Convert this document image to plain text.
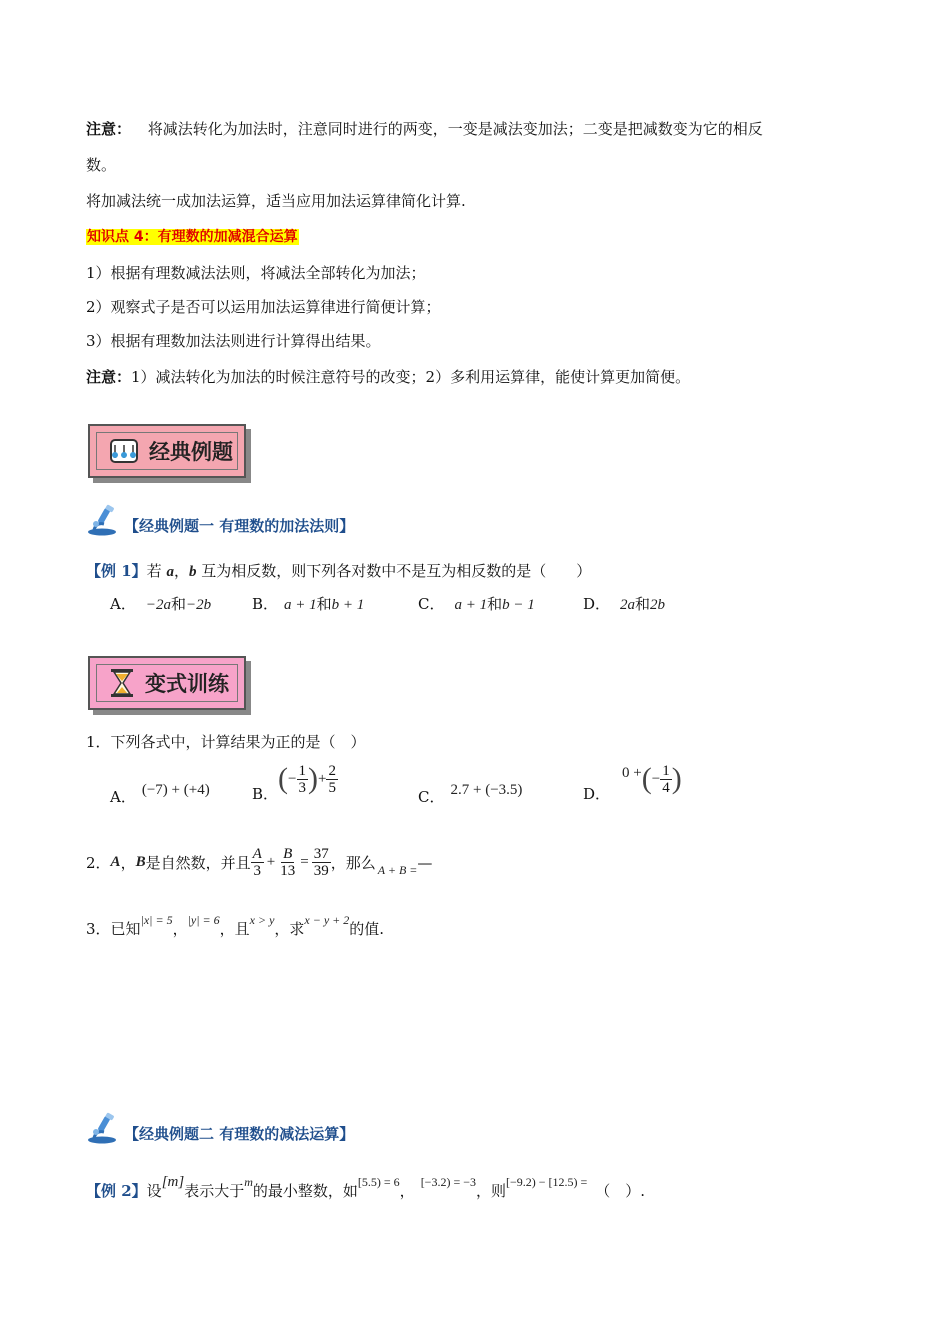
注意： 将减法转化为加法时，注意同时进行的两变，一变是减法变加法；二变是把减数变为它的相反
数。
将加减法统一成加法运算，适当应用加法运算律简化计算.
知识点 4：有理数的加减混合运算
1）根据有理数减法法则，将减法全部转化为加法；
2）观察式子是否可以运用加法运算律进行简便计算；
3）根据有理数加法法则进行计算得出结果。
注意：1）减法转化为加法的时候注意符号的改变；2）多利用运算律，能使计算更加简便。
经典例题
【经典例题一 有理数的加法法则】
【例 1】若 a，b 互为相反数，则下列各对数中不是互为相反数的是（　　）
A． −2a和−2b	B． a + 1和b + 1	C． a + 1和b − 1	D． 2a和2b
变式训练
1．下列各式中，计算结果为正的是（　）
A． (−7) + (+4)	B． ( − $\frac{1}{3}$ ) + $\frac{2}{5}$
C． 2.7 + (−3.5)	D．
0 + ( − $\frac{1}{4}$ )
2． A ， B 是自然数，并且 $\frac{A}{3} + \frac{B}{13} = \frac{37}{39}$ ，那么 A + B = —
3．已知$^{|x| = 5}$，$^{|y| = 6}$，且$^{x > y}$，求$^{x - y + 2}$的值.
【经典例题二 有理数的减法运算】
【例 2】设[m]表示大于$^m$的最小整数，如$^{[5.5) = 6}$， $^{[-3.2) = -3}$，则$^{[-9.2) - [12.5) =}$ （　）.
